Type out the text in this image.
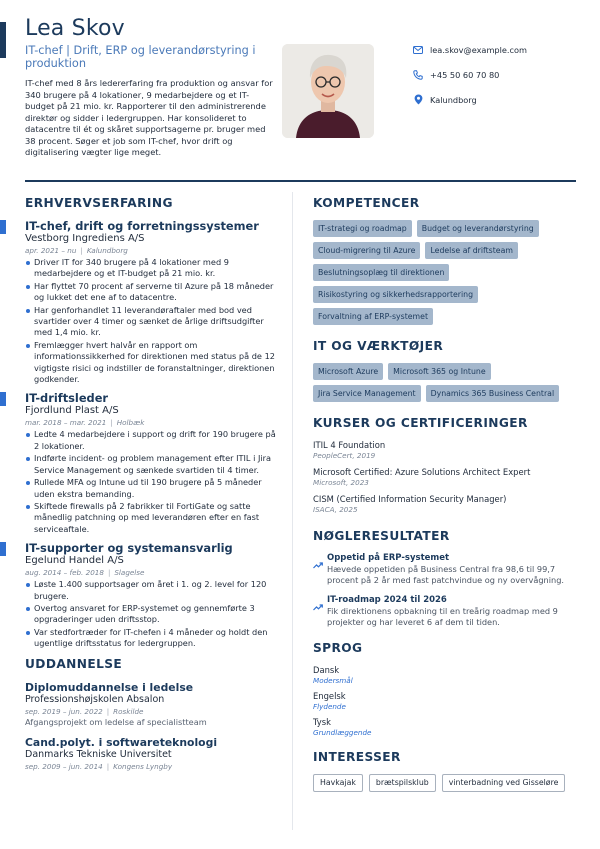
Lea Skov
IT-chef | Drift, ERP og leverandørstyring i produktion

IT-chef med 8 års ledererfaring fra produktion og ansvar for 340 brugere på 4 lokationer, 9 medarbejdere og et IT-budget på 21 mio. kr. Rapporterer til den administrerende direktør og sidder i ledergruppen. Har konsolideret to datacentre til ét og skåret supportsagerne pr. bruger med 38 procent. Søger et job som IT-chef, hvor drift og digitalisering vægter lige meget.

lea.skov@example.com
+45 50 60 70 80
Kalundborg
ERHVERVSERFARING
IT-chef, drift og forretningssystemer
Vestborg Ingrediens A/S
apr. 2021 – nu | Kalundborg
Driver IT for 340 brugere på 4 lokationer med 9 medarbejdere og et IT-budget på 21 mio. kr.
Har flyttet 70 procent af serverne til Azure på 18 måneder og lukket det ene af to datacentre.
Har genforhandlet 11 leverandøraftaler med bod ved svartider over 4 timer og sænket de årlige driftsudgifter med 1,4 mio. kr.
Fremlægger hvert halvår en rapport om informationssikkerhed for direktionen med status på de 12 vigtigste risici og indstiller de foranstaltninger, direktionen godkender.
IT-driftsleder
Fjordlund Plast A/S
mar. 2018 – mar. 2021 | Holbæk
Ledte 4 medarbejdere i support og drift for 190 brugere på 2 lokationer.
Indførte incident- og problem management efter ITIL i Jira Service Management og sænkede svartiden til 4 timer.
Rullede MFA og Intune ud til 190 brugere på 5 måneder uden ekstra bemanding.
Skiftede firewalls på 2 fabrikker til FortiGate og satte månedlig patchning op med leverandøren efter en fast serviceaftale.
IT-supporter og systemansvarlig
Egelund Handel A/S
aug. 2014 – feb. 2018 | Slagelse
Løste 1.400 supportsager om året i 1. og 2. level for 120 brugere.
Overtog ansvaret for ERP-systemet og gennemførte 3 opgraderinger uden driftsstop.
Var stedfortræder for IT-chefen i 4 måneder og holdt den ugentlige driftsstatus for ledergruppen.
UDDANNELSE
Diplomuddannelse i ledelse
Professionshøjskolen Absalon
sep. 2019 – jun. 2022 | Roskilde
Afgangsprojekt om ledelse af specialistteam
Cand.polyt. i softwareteknologi
Danmarks Tekniske Universitet
sep. 2009 – jun. 2014 | Kongens Lyngby
KOMPETENCER
IT-strategi og roadmap	Budget og leverandørstyring
Cloud-migrering til Azure	Ledelse af driftsteam
Beslutningsoplæg til direktionen
Risikostyring og sikkerhedsrapportering
Forvaltning af ERP-systemet
IT OG VÆRKTØJER
Microsoft Azure	Microsoft 365 og Intune
Jira Service Management	Dynamics 365 Business Central
KURSER OG CERTIFICERINGER
ITIL 4 Foundation
PeopleCert, 2019
Microsoft Certified: Azure Solutions Architect Expert
Microsoft, 2023
CISM (Certified Information Security Manager)
ISACA, 2025
NØGLERESULTATER
Oppetid på ERP-systemet
Hævede oppetiden på Business Central fra 98,6 til 99,7 procent på 2 år med fast patchvindue og ny overvågning.
IT-roadmap 2024 til 2026
Fik direktionens opbakning til en treårig roadmap med 9 projekter og har leveret 6 af dem til tiden.
SPROG
Dansk
Modersmål
Engelsk
Flydende
Tysk
Grundlæggende
INTERESSER
Havkajak	brætspilsklub	vinterbadning ved Gisseløre
